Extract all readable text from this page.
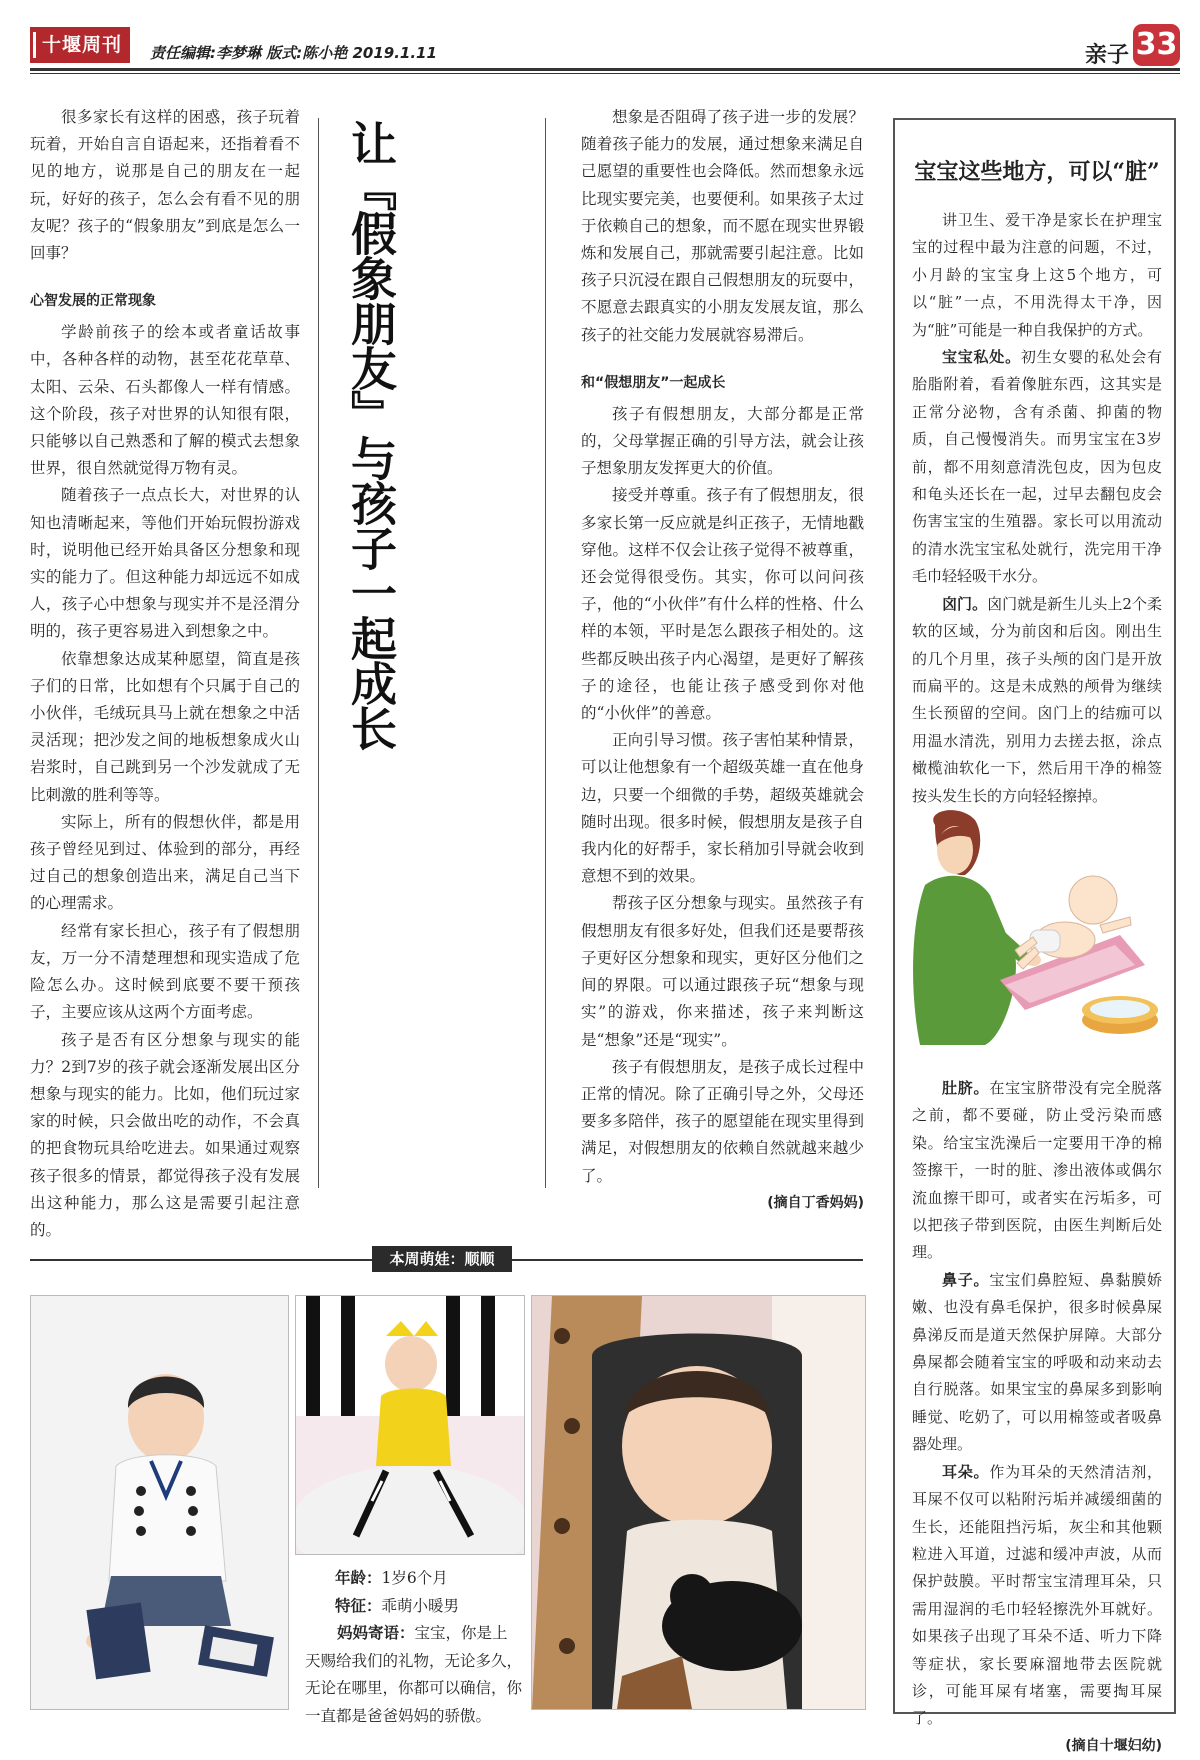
十堰周刊 责任编辑:李梦琳 版式:陈小艳 2019.1.11	亲子 33

很多家长有这样的困惑，孩子玩着玩着，开始自言自语起来，还指着看不见的地方，说那是自己的朋友在一起玩，好好的孩子，怎么会有看不见的朋友呢？孩子的“假象朋友”到底是怎么一回事？

心智发展的正常现象

学龄前孩子的绘本或者童话故事中，各种各样的动物，甚至花花草草、太阳、云朵、石头都像人一样有情感。这个阶段，孩子对世界的认知很有限，只能够以自己熟悉和了解的模式去想象世界，很自然就觉得万物有灵。

随着孩子一点点长大，对世界的认知也清晰起来，等他们开始玩假扮游戏时，说明他已经开始具备区分想象和现实的能力了。但这种能力却远远不如成人，孩子心中想象与现实并不是泾渭分明的，孩子更容易进入到想象之中。

依靠想象达成某种愿望，简直是孩子们的日常，比如想有个只属于自己的小伙伴，毛绒玩具马上就在想象之中活灵活现；把沙发之间的地板想象成火山岩浆时，自己跳到另一个沙发就成了无比刺激的胜利等等。

实际上，所有的假想伙伴，都是用孩子曾经见到过、体验到的部分，再经过自己的想象创造出来，满足自己当下的心理需求。

经常有家长担心，孩子有了假想朋友，万一分不清楚理想和现实造成了危险怎么办。这时候到底要不要干预孩子，主要应该从这两个方面考虑。

孩子是否有区分想象与现实的能力？2到7岁的孩子就会逐渐发展出区分想象与现实的能力。比如，他们玩过家家的时候，只会做出吃的动作，不会真的把食物玩具给吃进去。如果通过观察孩子很多的情景，都觉得孩子没有发展出这种能力，那么这是需要引起注意的。

让『假象朋友』与孩子一起成长

想象是否阻碍了孩子进一步的发展？随着孩子能力的发展，通过想象来满足自己愿望的重要性也会降低。然而想象永远比现实要完美，也要便利。如果孩子太过于依赖自己的想象，而不愿在现实世界锻炼和发展自己，那就需要引起注意。比如孩子只沉浸在跟自己假想朋友的玩耍中，不愿意去跟真实的小朋友发展友谊，那么孩子的社交能力发展就容易滞后。

和“假想朋友”一起成长

孩子有假想朋友，大部分都是正常的，父母掌握正确的引导方法，就会让孩子想象朋友发挥更大的价值。

接受并尊重。孩子有了假想朋友，很多家长第一反应就是纠正孩子，无情地戳穿他。这样不仅会让孩子觉得不被尊重，还会觉得很受伤。其实，你可以问问孩子，他的“小伙伴”有什么样的性格、什么样的本领，平时是怎么跟孩子相处的。这些都反映出孩子内心渴望，是更好了解孩子的途径，也能让孩子感受到你对他的“小伙伴”的善意。

正向引导习惯。孩子害怕某种情景，可以让他想象有一个超级英雄一直在他身边，只要一个细微的手势，超级英雄就会随时出现。很多时候，假想朋友是孩子自我内化的好帮手，家长稍加引导就会收到意想不到的效果。

帮孩子区分想象与现实。虽然孩子有假想朋友有很多好处，但我们还是要帮孩子更好区分想象和现实，更好区分他们之间的界限。可以通过跟孩子玩“想象与现实”的游戏，你来描述，孩子来判断这是“想象”还是“现实”。

孩子有假想朋友，是孩子成长过程中正常的情况。除了正确引导之外，父母还要多多陪伴，孩子的愿望能在现实里得到满足，对假想朋友的依赖自然就越来越少了。

(摘自丁香妈妈)

宝宝这些地方，可以“脏”

讲卫生、爱干净是家长在护理宝宝的过程中最为注意的问题，不过，小月龄的宝宝身上这5个地方，可以“脏”一点，不用洗得太干净，因为“脏”可能是一种自我保护的方式。

宝宝私处。初生女婴的私处会有胎脂附着，看着像脏东西，这其实是正常分泌物，含有杀菌、抑菌的物质，自己慢慢消失。而男宝宝在3岁前，都不用刻意清洗包皮，因为包皮和龟头还长在一起，过早去翻包皮会伤害宝宝的生殖器。家长可以用流动的清水洗宝宝私处就行，洗完用干净毛巾轻轻吸干水分。

囟门。囟门就是新生儿头上2个柔软的区域，分为前囟和后囟。刚出生的几个月里，孩子头颅的囟门是开放而扁平的。这是未成熟的颅骨为继续生长预留的空间。囟门上的结痂可以用温水清洗，别用力去搓去抠，涂点橄榄油软化一下，然后用干净的棉签按头发生长的方向轻轻擦掉。

肚脐。在宝宝脐带没有完全脱落之前，都不要碰，防止受污染而感染。给宝宝洗澡后一定要用干净的棉签擦干，一时的脏、渗出液体或偶尔流血擦干即可，或者实在污垢多，可以把孩子带到医院，由医生判断后处理。

鼻子。宝宝们鼻腔短、鼻黏膜娇嫩、也没有鼻毛保护，很多时候鼻屎鼻涕反而是道天然保护屏障。大部分鼻屎都会随着宝宝的呼吸和动来动去自行脱落。如果宝宝的鼻屎多到影响睡觉、吃奶了，可以用棉签或者吸鼻器处理。

耳朵。作为耳朵的天然清洁剂，耳屎不仅可以粘附污垢并减缓细菌的生长，还能阻挡污垢，灰尘和其他颗粒进入耳道，过滤和缓冲声波，从而保护鼓膜。平时帮宝宝清理耳朵，只需用湿润的毛巾轻轻擦洗外耳就好。如果孩子出现了耳朵不适、听力下降等症状，家长要麻溜地带去医院就诊，可能耳屎有堵塞，需要掏耳屎了。

(摘自十堰妇幼)

本周萌娃：顺顺
年龄：1岁6个月
特征：乖萌小暖男
妈妈寄语：宝宝，你是上天赐给我们的礼物，无论多久，无论在哪里，你都可以确信，你一直都是爸爸妈妈的骄傲。
